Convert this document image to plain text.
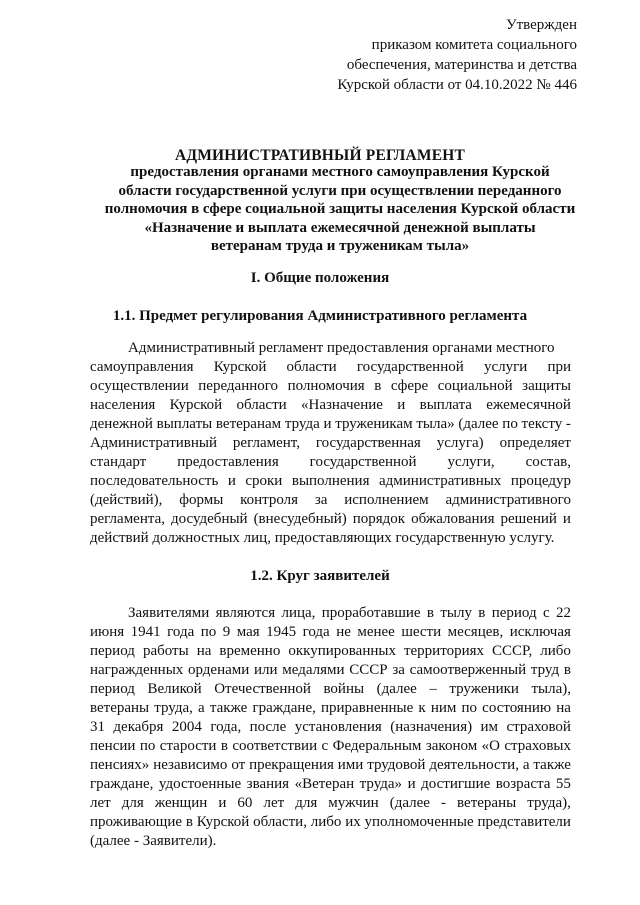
Утвержден
приказом комитета социального
обеспечения, материнства и детства
Курской области от 04.10.2022 № 446
АДМИНИСТРАТИВНЫЙ РЕГЛАМЕНТ
предоставления органами местного самоуправления Курской
области государственной услуги при осуществлении переданного
полномочия в сфере социальной защиты населения Курской области
«Назначение и выплата ежемесячной денежной выплаты
ветеранам труда и труженикам тыла»
I. Общие положения
1.1. Предмет регулирования Административного регламента
Административный регламент предоставления органами местного
самоуправления Курской области государственной услуги при
осуществлении переданного полномочия в сфере социальной защиты
населения Курской области «Назначение и выплата ежемесячной
денежной выплаты ветеранам труда и труженикам тыла» (далее по тексту -
Административный регламент, государственная услуга) определяет
стандарт предоставления государственной услуги, состав,
последовательность и сроки выполнения административных процедур
(действий), формы контроля за исполнением административного
регламента, досудебный (внесудебный) порядок обжалования решений и
действий должностных лиц, предоставляющих государственную услугу.
1.2. Круг заявителей
Заявителями являются лица, проработавшие в тылу в период с 22
июня 1941 года по 9 мая 1945 года не менее шести месяцев, исключая
период работы на временно оккупированных территориях СССР, либо
награжденных орденами или медалями СССР за самоотверженный труд в
период Великой Отечественной войны (далее – труженики тыла),
ветераны труда, а также граждане, приравненные к ним по состоянию на
31 декабря 2004 года, после установления (назначения) им страховой
пенсии по старости в соответствии с Федеральным законом «О страховых
пенсиях» независимо от прекращения ими трудовой деятельности, а также
граждане, удостоенные звания «Ветеран труда» и достигшие возраста 55
лет для женщин и 60 лет для мужчин (далее - ветераны труда),
проживающие в Курской области, либо их уполномоченные представители
(далее - Заявители).
